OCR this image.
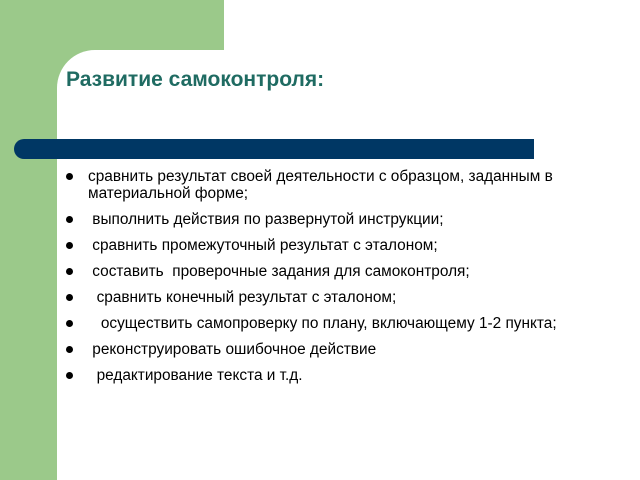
Развитие самоконтроля:
сравнить результат своей деятельности с образцом, заданным в материальной форме;
выполнить действия по развернутой инструкции;
сравнить промежуточный результат с эталоном;
составить  проверочные задания для самоконтроля;
сравнить конечный результат с эталоном;
осуществить самопроверку по плану, включающему 1-2 пункта;
реконструировать ошибочное действие
редактирование текста и т.д.
